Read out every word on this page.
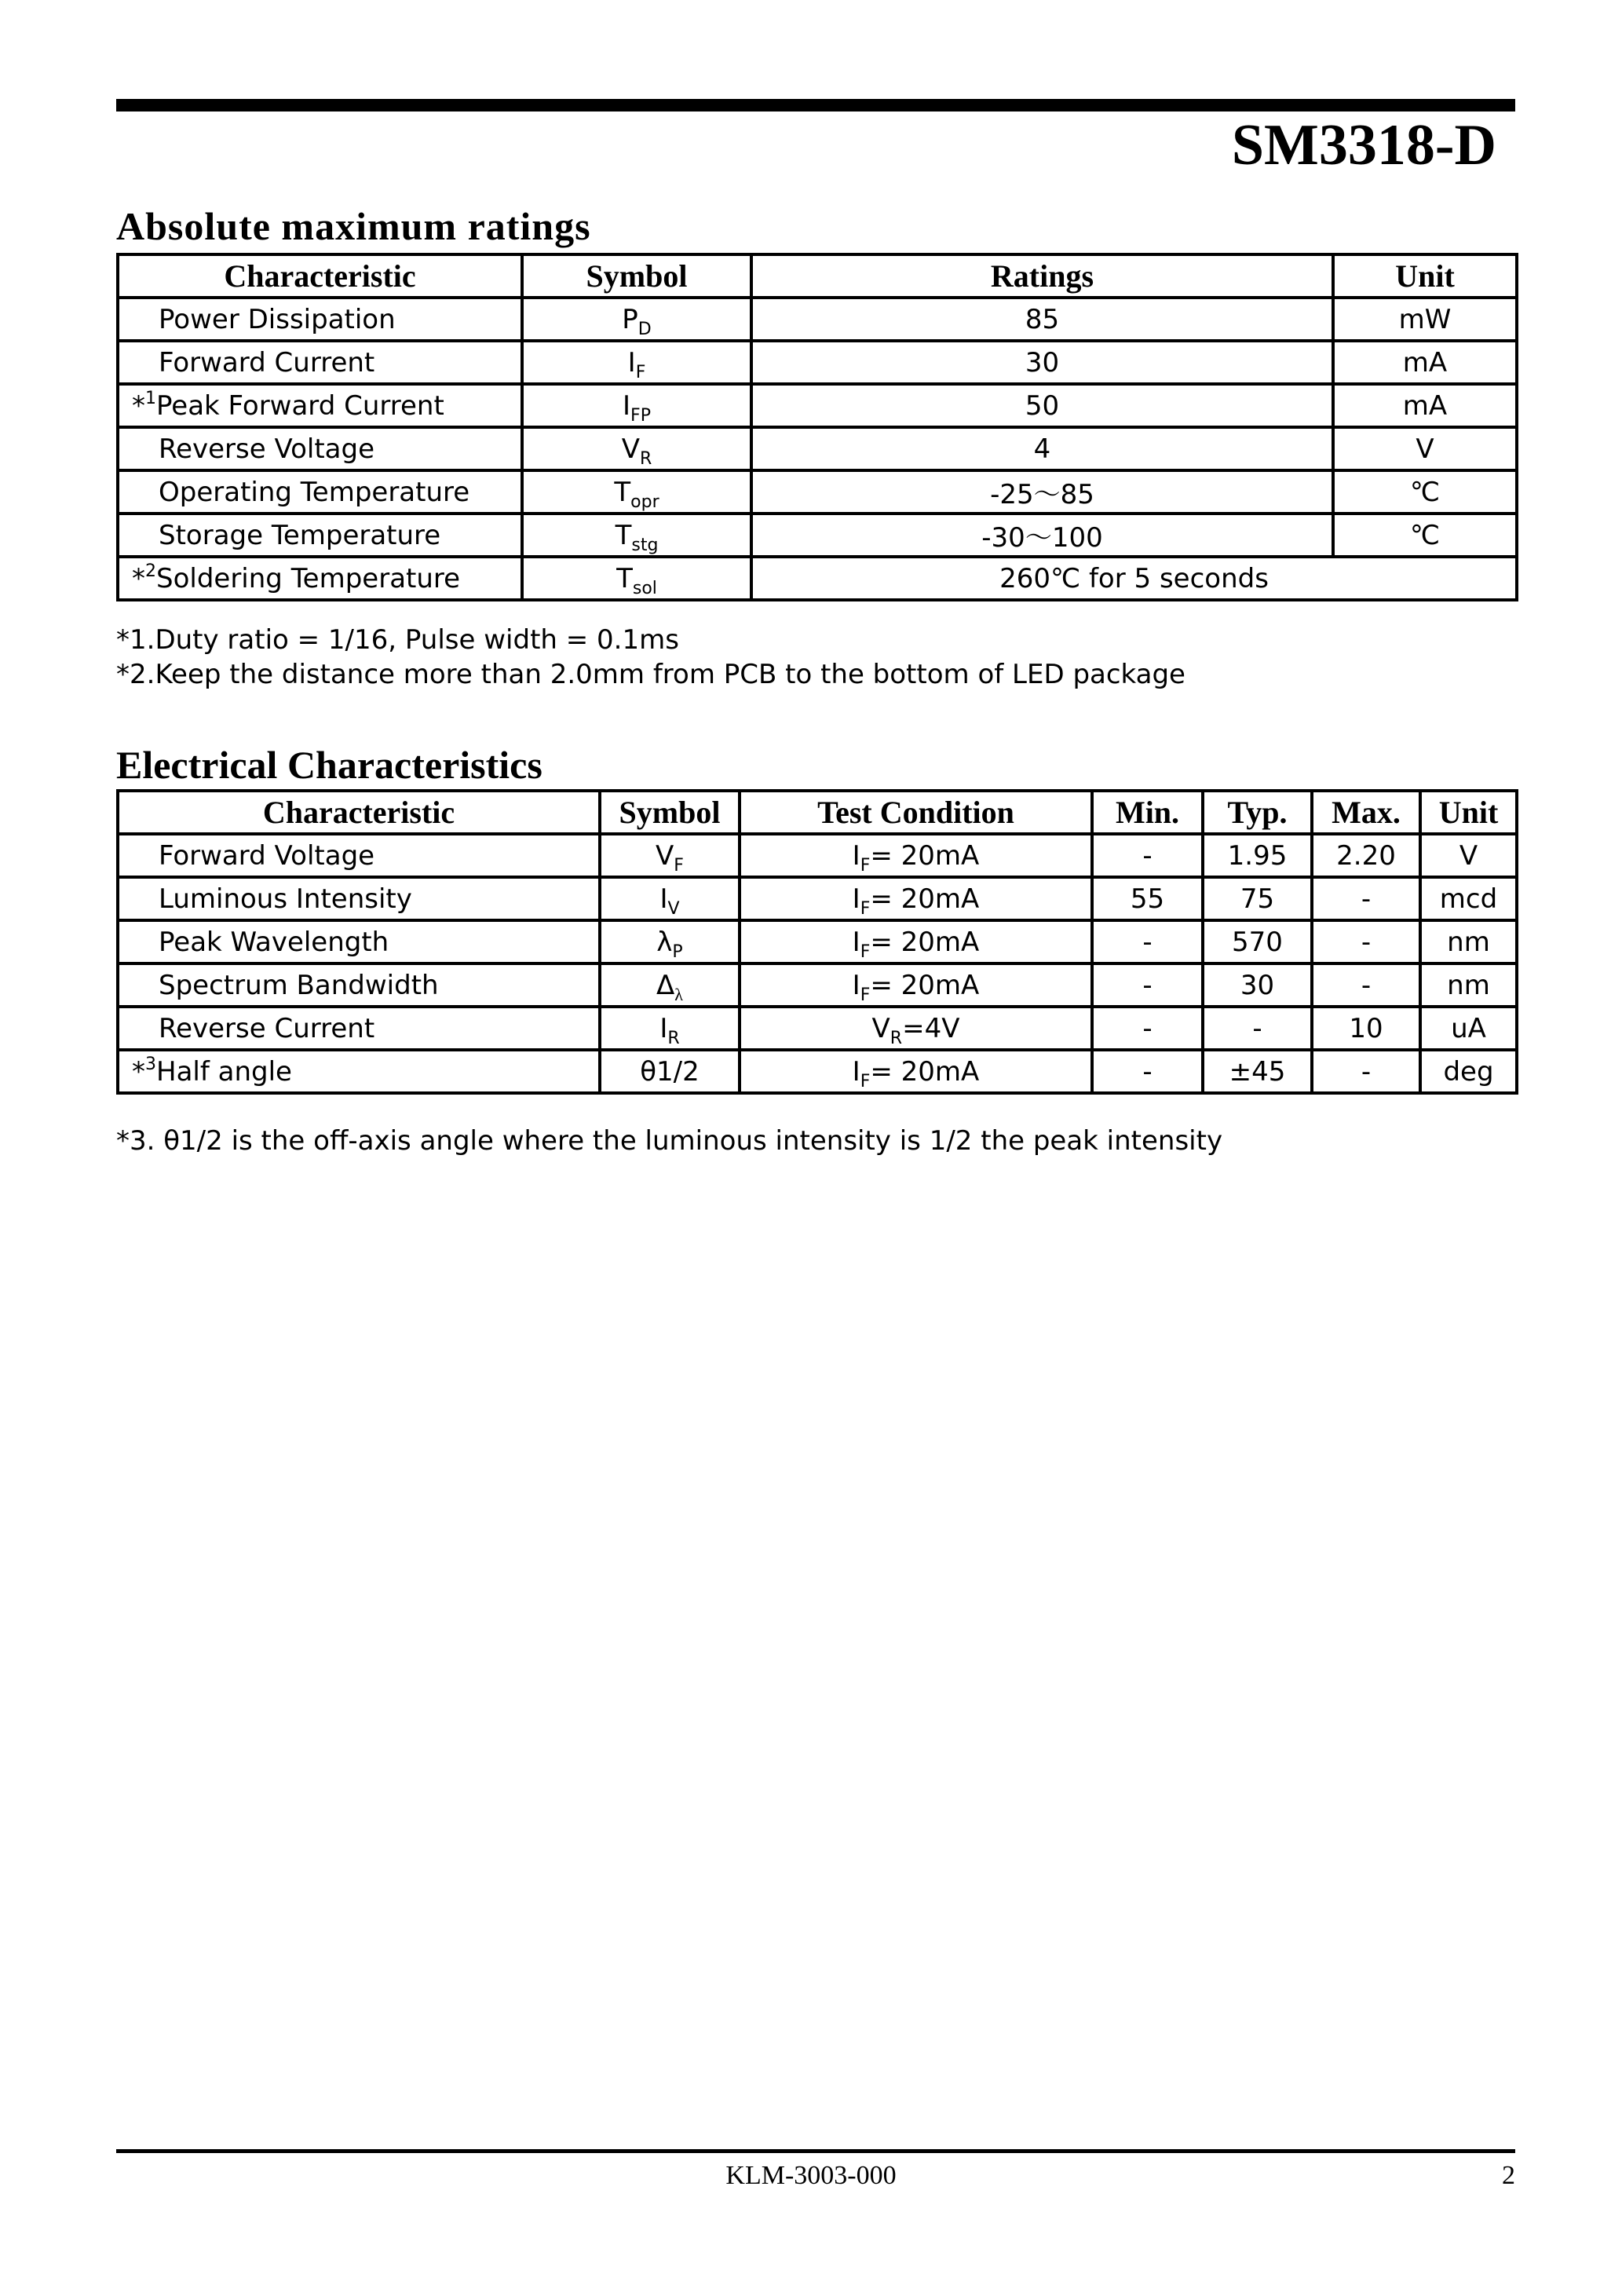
SM3318-D
Absolute maximum ratings
Characteristic	Symbol	Ratings	Unit
Power Dissipation	$P_D$	85	mW
Forward Current	$I_F$	30	mA
*$^1$Peak Forward Current	$I_{FP}$	50	mA
Reverse Voltage	$V_R$	4	V
Operating Temperature	$T_{opr}$	-25～85	℃
Storage Temperature	$T_{stg}$	-30～100	℃
*$^2$Soldering Temperature	$T_{sol}$	260℃ for 5 seconds	
*1.Duty ratio = 1/16, Pulse width = 0.1ms
*2.Keep the distance more than 2.0mm from PCB to the bottom of LED package
Electrical Characteristics
Characteristic	Symbol	Test Condition	Min.	Typ.	Max.	Unit
Forward Voltage	$V_F$	$I_F= 20mA$	-	1.95	2.20	V
Luminous Intensity	$I_V$	$I_F= 20mA$	55	75	-	mcd
Peak Wavelength	$\lambda_P$	$I_F= 20mA$	-	570	-	nm
Spectrum Bandwidth	$\Delta_\lambda$	$I_F= 20mA$	-	30	-	nm
Reverse Current	$I_R$	$V_R=4V$	-	-	10	uA
*$^3$Half angle	θ1/2	$I_F= 20mA$	-	±45	-	deg
*3. θ1/2 is the off-axis angle where the luminous intensity is 1/2 the peak intensity
KLM-3003-000	2
